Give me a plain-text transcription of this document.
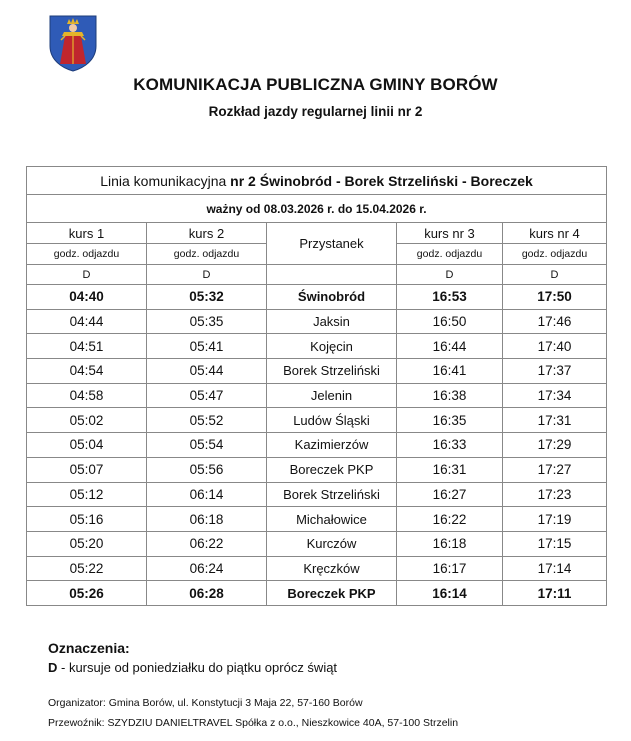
KOMUNIKACJA PUBLICZNA GMINY BORÓW
Rozkład jazdy regularnej linii nr 2
Linia komunikacyjna nr 2 Świnobród - Borek Strzeliński - Boreczek				
ważny od 08.03.2026 r. do 15.04.2026 r.				
kurs 1	kurs 2	Przystanek	kurs nr 3	kurs nr 4
godz. odjazdu	godz. odjazdu		godz. odjazdu	godz. odjazdu
D	D		D	D
04:40	05:32	Świnobród	16:53	17:50
04:44	05:35	Jaksin	16:50	17:46
04:51	05:41	Kojęcin	16:44	17:40
04:54	05:44	Borek Strzeliński	16:41	17:37
04:58	05:47	Jelenin	16:38	17:34
05:02	05:52	Ludów Śląski	16:35	17:31
05:04	05:54	Kazimierzów	16:33	17:29
05:07	05:56	Boreczek PKP	16:31	17:27
05:12	06:14	Borek Strzeliński	16:27	17:23
05:16	06:18	Michałowice	16:22	17:19
05:20	06:22	Kurczów	16:18	17:15
05:22	06:24	Kręczków	16:17	17:14
05:26	06:28	Boreczek PKP	16:14	17:11
Oznaczenia:
D - kursuje od poniedziałku do piątku oprócz świąt
Organizator: Gmina Borów, ul. Konstytucji 3 Maja 22, 57-160 Borów
Przewoźnik: SZYDZIU DANIELTRAVEL Spółka z o.o., Nieszkowice 40A, 57-100 Strzelin
